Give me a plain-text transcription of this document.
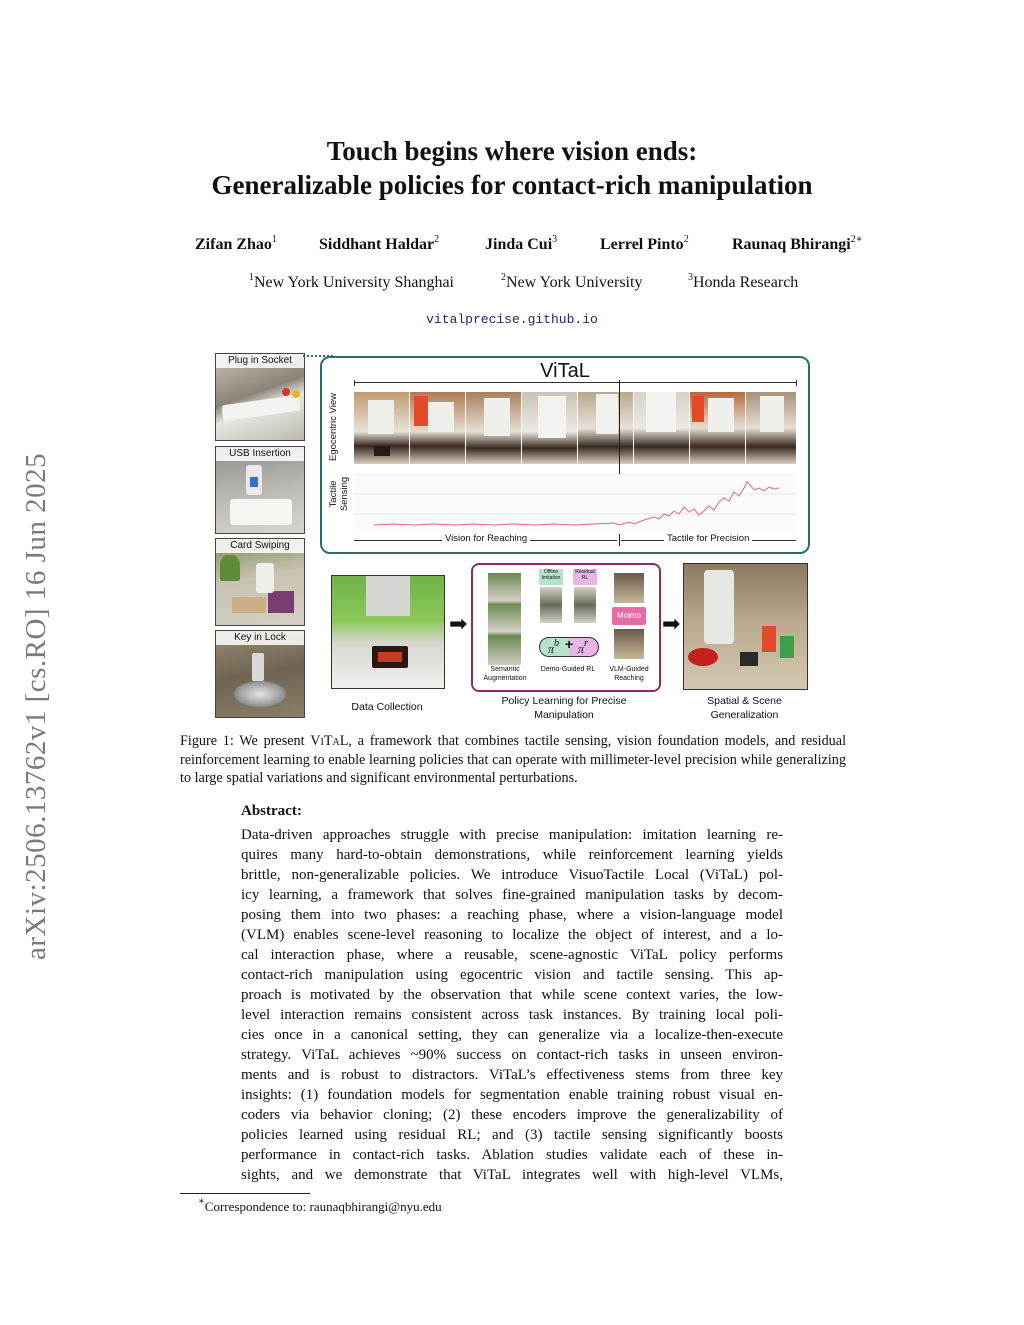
arXiv:2506.13762v1 [cs.RO] 16 Jun 2025
Touch begins where vision ends:
Generalizable policies for contact-rich manipulation
Zifan Zhao$^1$	Siddhant Haldar$^2$	Jinda Cui$^3$	Lerrel Pinto$^2$	Raunaq Bhirangi$^{2∗}$
$^1$New York University Shanghai	$^2$New York University	$^3$Honda Research
vitalprecise.github.io
Plug in Socket
USB Insertion
Card Swiping
Key in Lock
ViTaL
Egocentric View
Tactile Sensing
Vision for Reaching	Tactile for Precision
Data Collection
➡
Offline Imitation
Residual RL
$\pi^b + \pi^r$
Molmo
Semantic Augmentation
Demo-Guided RL	VLM-Guided Reaching
Policy Learning for Precise Manipulation
➡
Spatial & Scene Generalization
Figure 1: We present ViTaL, a framework that combines tactile sensing, vision foundation models, and residual reinforcement learning to enable learning policies that can operate with millimeter-level precision while generalizing to large spatial variations and significant environmental perturbations.
Abstract:
Data-driven approaches struggle with precise manipulation: imitation learning re-
quires many hard-to-obtain demonstrations, while reinforcement learning yields
brittle, non-generalizable policies. We introduce VisuoTactile Local (ViTaL) pol-
icy learning, a framework that solves fine-grained manipulation tasks by decom-
posing them into two phases: a reaching phase, where a vision-language model
(VLM) enables scene-level reasoning to localize the object of interest, and a lo-
cal interaction phase, where a reusable, scene-agnostic ViTaL policy performs
contact-rich manipulation using egocentric vision and tactile sensing. This ap-
proach is motivated by the observation that while scene context varies, the low-
level interaction remains consistent across task instances. By training local poli-
cies once in a canonical setting, they can generalize via a localize-then-execute
strategy. ViTaL achieves ~90% success on contact-rich tasks in unseen environ-
ments and is robust to distractors. ViTaL’s effectiveness stems from three key
insights: (1) foundation models for segmentation enable training robust visual en-
coders via behavior cloning; (2) these encoders improve the generalizability of
policies learned using residual RL; and (3) tactile sensing significantly boosts
performance in contact-rich tasks. Ablation studies validate each of these in-
sights, and we demonstrate that ViTaL integrates well with high-level VLMs,
∗Correspondence to: raunaqbhirangi@nyu.edu
